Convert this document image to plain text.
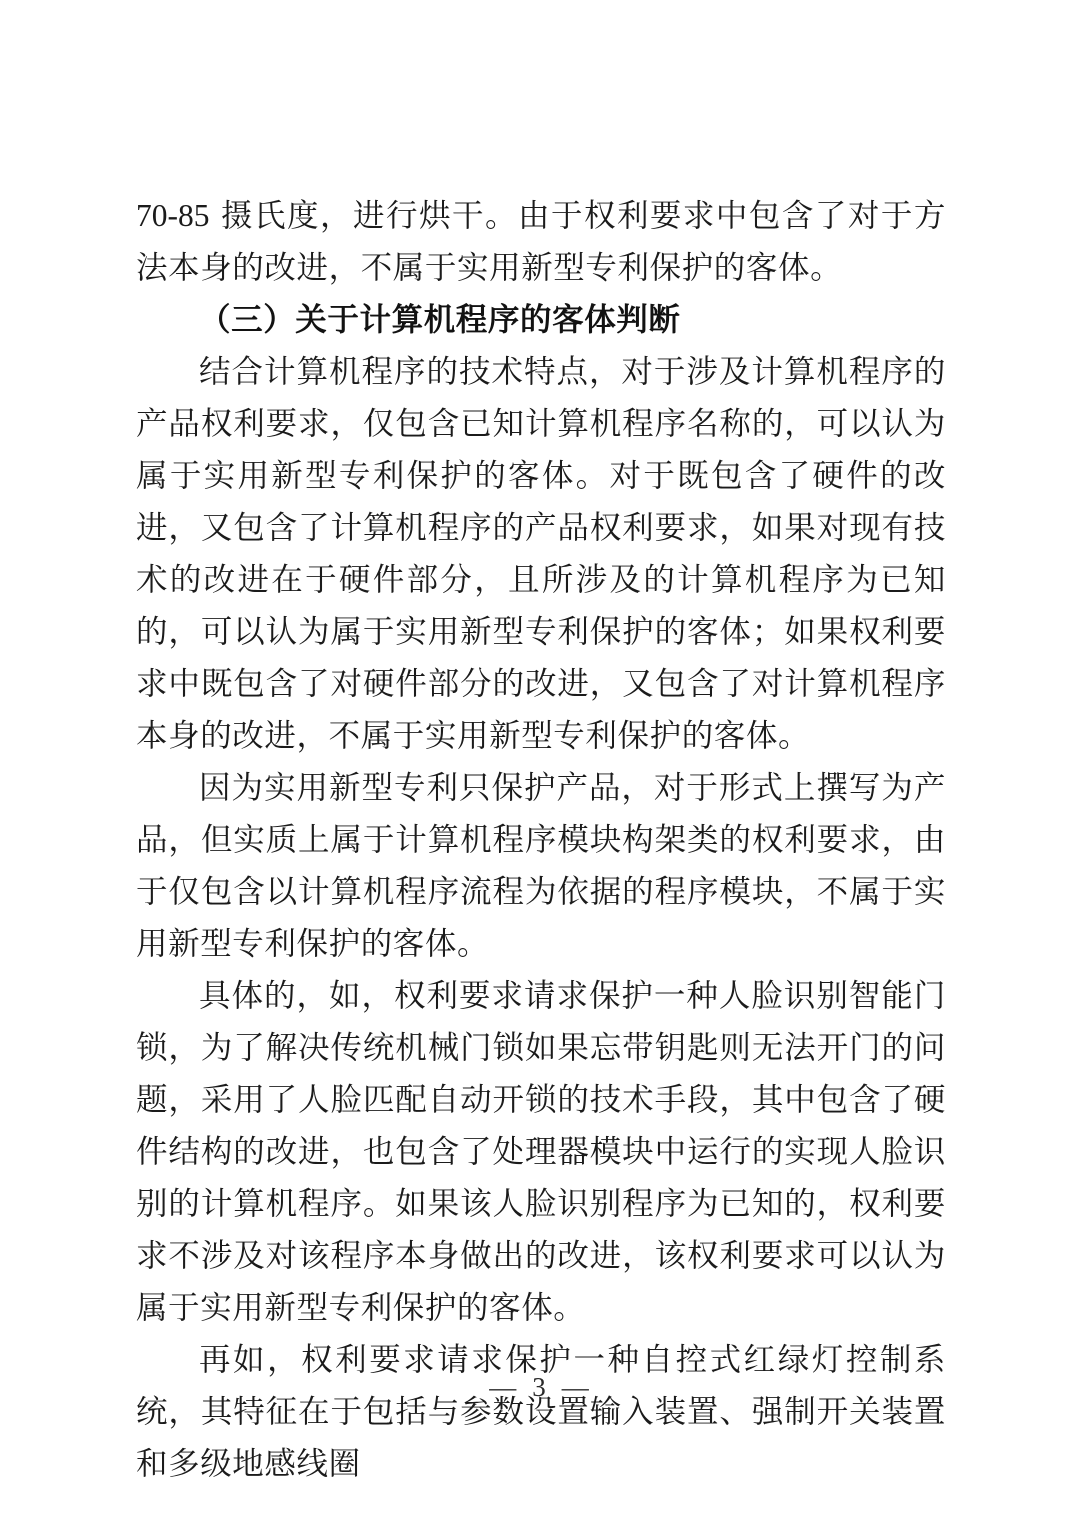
70-85 摄氏度，进行烘干。由于权利要求中包含了对于方法本身的改进，不属于实用新型专利保护的客体。

（三）关于计算机程序的客体判断

结合计算机程序的技术特点，对于涉及计算机程序的产品权利要求，仅包含已知计算机程序名称的，可以认为属于实用新型专利保护的客体。对于既包含了硬件的改进，又包含了计算机程序的产品权利要求，如果对现有技术的改进在于硬件部分，且所涉及的计算机程序为已知的，可以认为属于实用新型专利保护的客体；如果权利要求中既包含了对硬件部分的改进，又包含了对计算机程序本身的改进，不属于实用新型专利保护的客体。

因为实用新型专利只保护产品，对于形式上撰写为产品，但实质上属于计算机程序模块构架类的权利要求，由于仅包含以计算机程序流程为依据的程序模块，不属于实用新型专利保护的客体。

具体的，如，权利要求请求保护一种人脸识别智能门锁，为了解决传统机械门锁如果忘带钥匙则无法开门的问题，采用了人脸匹配自动开锁的技术手段，其中包含了硬件结构的改进，也包含了处理器模块中运行的实现人脸识别的计算机程序。如果该人脸识别程序为已知的，权利要求不涉及对该程序本身做出的改进，该权利要求可以认为属于实用新型专利保护的客体。

再如，权利要求请求保护一种自控式红绿灯控制系统，其特征在于包括与参数设置输入装置、强制开关装置和多级地感线圈

— 3 —
